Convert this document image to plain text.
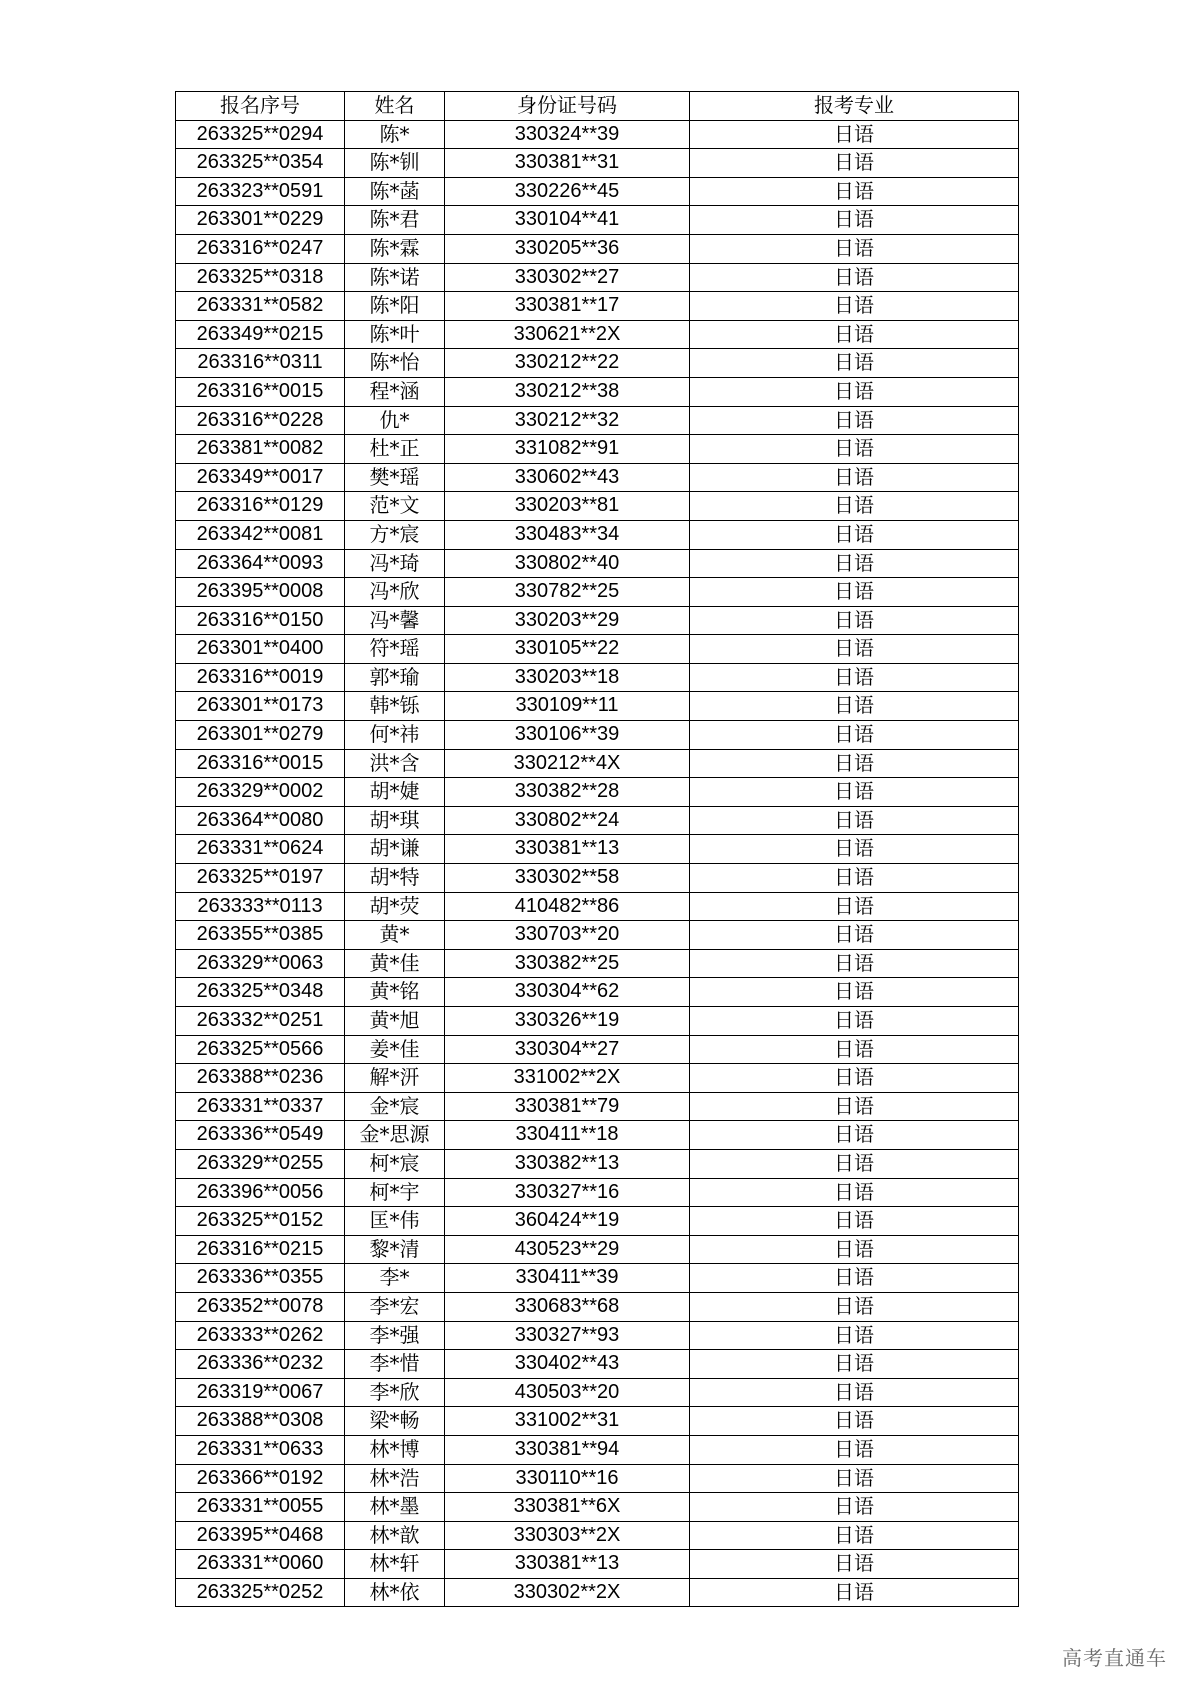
报名序号	姓名	身份证号码	报考专业
263325**0294	陈*	330324**39	日语
263325**0354	陈*钏	330381**31	日语
263323**0591	陈*菡	330226**45	日语
263301**0229	陈*君	330104**41	日语
263316**0247	陈*霖	330205**36	日语
263325**0318	陈*诺	330302**27	日语
263331**0582	陈*阳	330381**17	日语
263349**0215	陈*叶	330621**2X	日语
263316**0311	陈*怡	330212**22	日语
263316**0015	程*涵	330212**38	日语
263316**0228	仇*	330212**32	日语
263381**0082	杜*正	331082**91	日语
263349**0017	樊*瑶	330602**43	日语
263316**0129	范*文	330203**81	日语
263342**0081	方*宸	330483**34	日语
263364**0093	冯*琦	330802**40	日语
263395**0008	冯*欣	330782**25	日语
263316**0150	冯*馨	330203**29	日语
263301**0400	符*瑶	330105**22	日语
263316**0019	郭*瑜	330203**18	日语
263301**0173	韩*铄	330109**11	日语
263301**0279	何*祎	330106**39	日语
263316**0015	洪*含	330212**4X	日语
263329**0002	胡*婕	330382**28	日语
263364**0080	胡*琪	330802**24	日语
263331**0624	胡*谦	330381**13	日语
263325**0197	胡*特	330302**58	日语
263333**0113	胡*荧	410482**86	日语
263355**0385	黄*	330703**20	日语
263329**0063	黄*佳	330382**25	日语
263325**0348	黄*铭	330304**62	日语
263332**0251	黄*旭	330326**19	日语
263325**0566	姜*佳	330304**27	日语
263388**0236	解*汧	331002**2X	日语
263331**0337	金*宸	330381**79	日语
263336**0549	金*思源	330411**18	日语
263329**0255	柯*宸	330382**13	日语
263396**0056	柯*宇	330327**16	日语
263325**0152	匡*伟	360424**19	日语
263316**0215	黎*清	430523**29	日语
263336**0355	李*	330411**39	日语
263352**0078	李*宏	330683**68	日语
263333**0262	李*强	330327**93	日语
263336**0232	李*惜	330402**43	日语
263319**0067	李*欣	430503**20	日语
263388**0308	梁*畅	331002**31	日语
263331**0633	林*博	330381**94	日语
263366**0192	林*浩	330110**16	日语
263331**0055	林*墨	330381**6X	日语
263395**0468	林*歆	330303**2X	日语
263331**0060	林*轩	330381**13	日语
263325**0252	林*依	330302**2X	日语
高考直通车
